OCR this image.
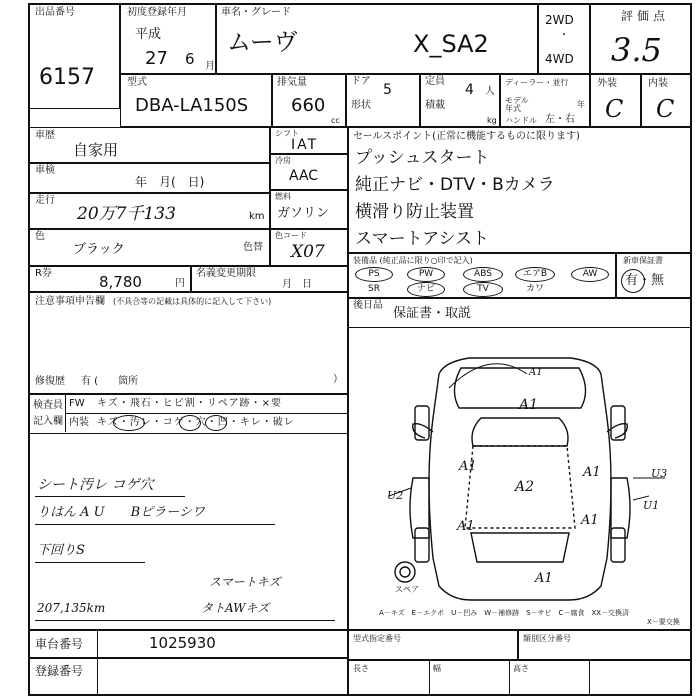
出品番号
6157
初度登録年月
平成
27 6 月
車名・グレード
ムーヴ	X_SA2
2WD
・
4WD
評価点
3.5
型式
DBA-LA150S
排気量
660
cc
ドア
5
形状
定員
4 人
積載
kg
ディーラー・並行
モデル年式	年
ハンドル 左・右
外装
C
内装
C
車歴
自家用
車検
年　月(　日)
走行
20万7千133	km
色
ブラック	色替
R券	8,780	円
名義変更期限
月　日
注意事項申告欄 (不具合等の記載は具体的に記入して下さい)
修復歴 有 (　　箇所	）
シフト
IAT
冷房
AAC
燃料
ガソリン
色コード
X07
セールスポイント(正常に機能するものに限ります)
プッシュスタート
純正ナビ・DTV・Bカメラ
横滑り防止装置
スマートアシスト
装備品 (純正品に限り○印で記入)
PS	PW	ABS	エアB	AW
SR	ナビ	TV	カワ
新車保証書
有・無
後日品
保証書・取説
検査員
記入欄
FW キズ・飛石・ヒビ割・リペア跡・×要
内装 キズ・汚レ・コゲ・穴・凹・キレ・破レ
シート汚レ コゲ穴
りはん A U　　Bピラーシワ
下回りS
スマートキズ
207,135km	タトAWキズ
A1
A1
A2
A1
A1	A1
A1
A1
U2
U3
U1
スペア
A－キズ　E－エクボ　U－凹み　W－補修跡　S－サビ　C－腐食　XX－交換済
X－要交換
車台番号	1025930
登録番号
型式指定番号	類別区分番号
長さ	幅	高さ
